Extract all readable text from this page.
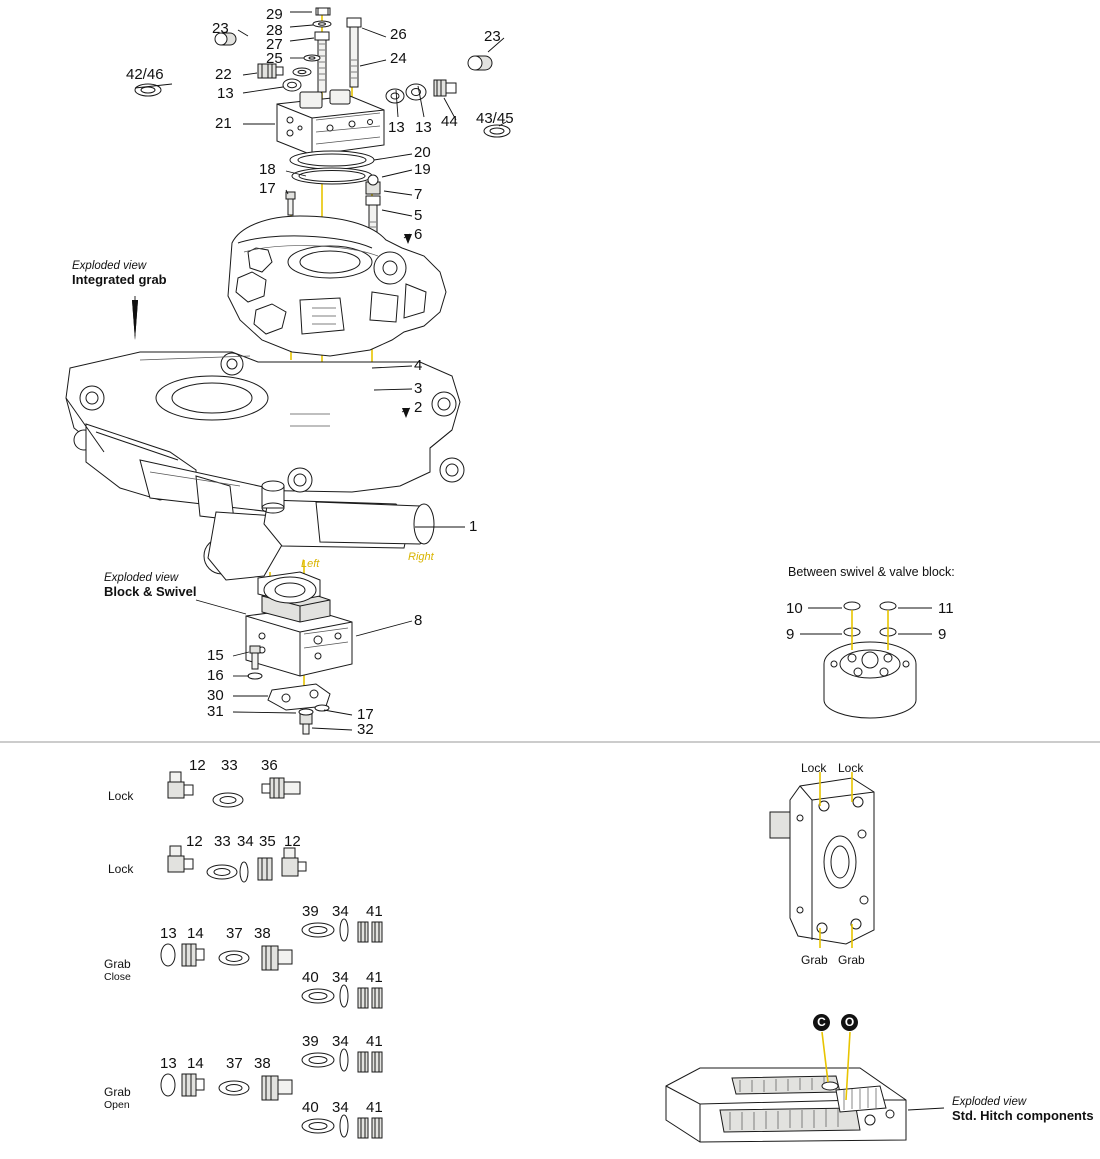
29
28
27
26
25	24
23	23
22
13
42/46
21	13 13 44 43/45
20
19
18
17	7
5
6
4
3
2
1
8
15
16
30
31	17
32
Exploded view
Integrated grab
Exploded view
Block & Swivel
Exploded view
Std. Hitch components
Between swivel & valve block:
Left
Right
10	11
9	9
Lock
Lock
Grab
Close
Grab
Open
12 33 36
12 33 34 35 12
13 14 37 38
39 34 41
40 34 41
13 14 37 38
39 34 41
40 34 41
Lock Lock
Grab Grab
C	O
